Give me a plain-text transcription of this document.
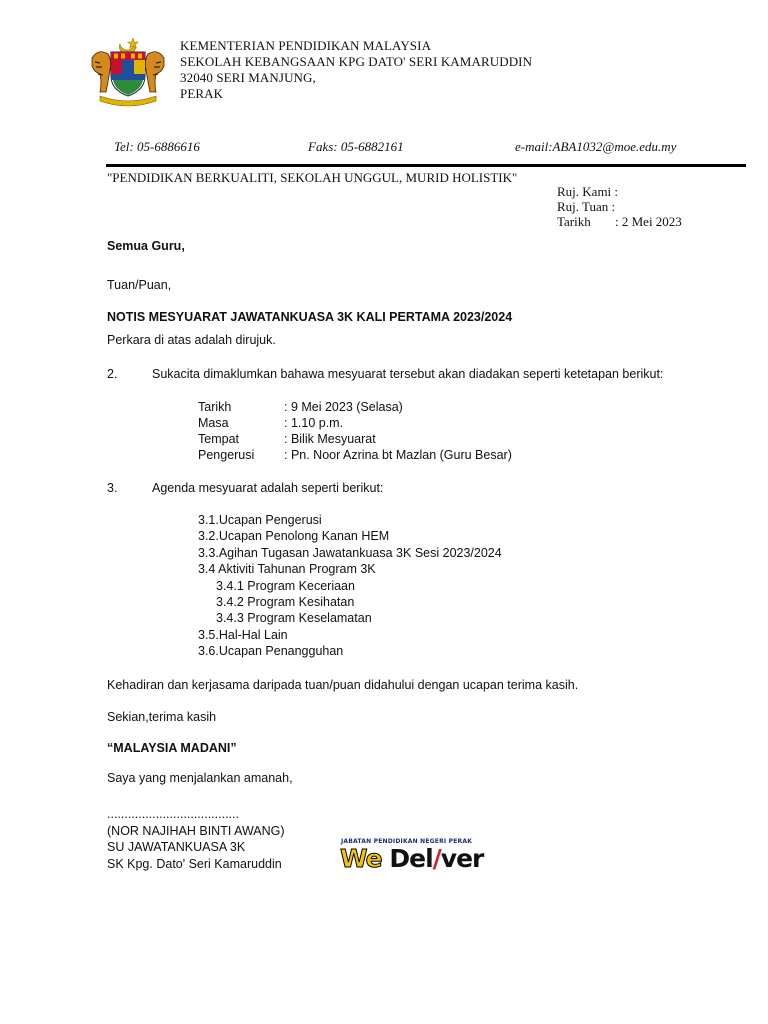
KEMENTERIAN PENDIDIKAN MALAYSIA
SEKOLAH KEBANGSAAN KPG DATO' SERI KAMARUDDIN
32040 SERI MANJUNG,
PERAK
Tel: 05-6886616	Faks: 05-6882161	e-mail:ABA1032@moe.edu.my
"PENDIDIKAN BERKUALITI, SEKOLAH UNGGUL, MURID HOLISTIK"
Ruj. Kami :
Ruj. Tuan :
Tarikh : 2 Mei 2023
Semua Guru,
Tuan/Puan,
NOTIS MESYUARAT JAWATANKUASA 3K KALI PERTAMA 2023/2024
Perkara di atas adalah dirujuk.
2.	Sukacita dimaklumkan bahawa mesyuarat tersebut akan diadakan seperti ketetapan berikut:
Tarikh	: 9 Mei 2023 (Selasa)
Masa	: 1.10 p.m.
Tempat	: Bilik Mesyuarat
Pengerusi : Pn. Noor Azrina bt Mazlan (Guru Besar)
3.	Agenda mesyuarat adalah seperti berikut:
3.1.Ucapan Pengerusi
3.2.Ucapan Penolong Kanan HEM
3.3.Agihan Tugasan Jawatankuasa 3K Sesi 2023/2024
3.4 Aktiviti Tahunan Program 3K
3.4.1 Program Keceriaan
3.4.2 Program Kesihatan
3.4.3 Program Keselamatan
3.5.Hal-Hal Lain
3.6.Ucapan Penangguhan
Kehadiran dan kerjasama daripada tuan/puan didahului dengan ucapan terima kasih.
Sekian,terima kasih
“MALAYSIA MADANI”
Saya yang menjalankan amanah,
......................................
(NOR NAJIHAH BINTI AWANG)
SU JAWATANKUASA 3K
SK Kpg. Dato' Seri Kamaruddin
JABATAN PENDIDIKAN NEGERI PERAK
We Del/ver
